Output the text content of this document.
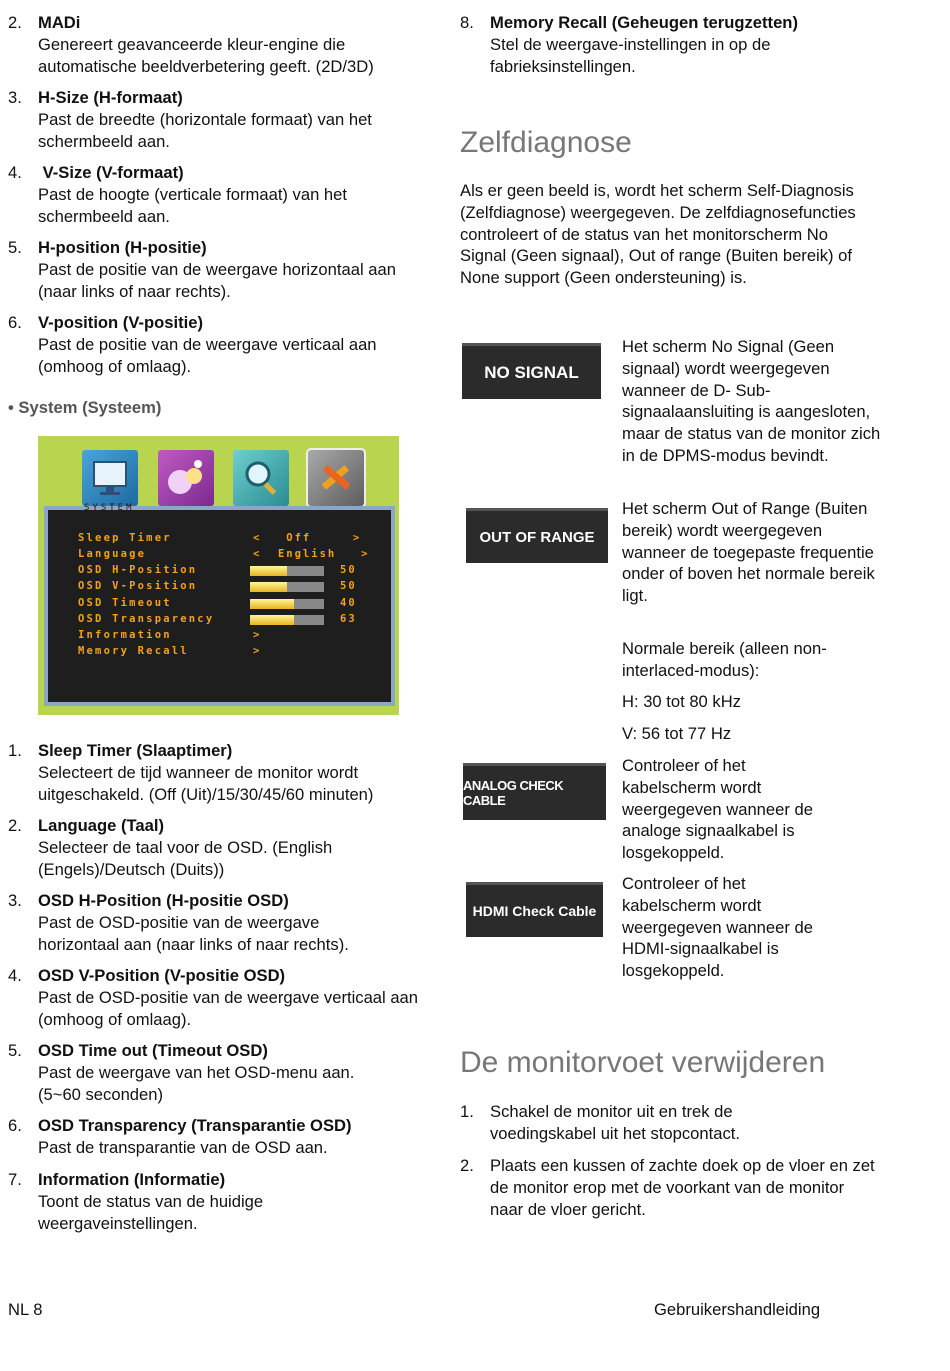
2. MADi
Genereert geavanceerde kleur-engine die automatische beeldverbetering geeft. (2D/3D)
3. H-Size (H-formaat)
Past de breedte (horizontale formaat) van het schermbeeld aan.
4. V-Size (V-formaat)
Past de hoogte (verticale formaat) van het schermbeeld aan.
5. H-position (H-positie)
Past de positie van de weergave horizontaal aan (naar links of naar rechts).
6. V-position (V-positie)
Past de positie van de weergave verticaal aan (omhoog of omlaag).
• System (Systeem)
SYSTEM
Sleep Timer	<   Off     >
Language	<  English   >
OSD H-Position	50
OSD V-Position	50
OSD Timeout	40
OSD Transparency	63
Information	>
Memory Recall	>
1. Sleep Timer (Slaaptimer)
Selecteert de tijd wanneer de monitor wordt uitgeschakeld. (Off (Uit)/15/30/45/60 minuten)
2. Language (Taal)
Selecteer de taal voor de OSD. (English (Engels)/Deutsch (Duits))
3. OSD H-Position (H-positie OSD)
Past de OSD-positie van de weergave horizontaal aan (naar links of naar rechts).
4. OSD V-Position (V-positie OSD)
Past de OSD-positie van de weergave verticaal aan (omhoog of omlaag).
5. OSD Time out (Timeout OSD)
Past de weergave van het OSD-menu aan. (5~60 seconden)
6. OSD Transparency (Transparantie OSD)
Past de transparantie van de OSD aan.
7. Information (Informatie)
Toont de status van de huidige weergaveinstellingen.
8. Memory Recall (Geheugen terugzetten)
Stel de weergave-instellingen in op de fabrieksinstellingen.
Zelfdiagnose

Als er geen beeld is, wordt het scherm Self-Diagnosis (Zelfdiagnose) weergegeven. De zelfdiagnosefuncties controleert of de status van het monitorscherm No Signal (Geen signaal), Out of range (Buiten bereik) of None support (Geen ondersteuning) is.

NO SIGNAL

Het scherm No Signal (Geen signaal) wordt weergegeven wanneer de D- Sub-signaalaansluiting is aangesloten, maar de status van de monitor zich in de DPMS-modus bevindt.

OUT OF RANGE

Het scherm Out of Range (Buiten bereik) wordt weergegeven wanneer de toegepaste frequentie onder of boven het normale bereik ligt.

Normale bereik (alleen non-interlaced-modus):

H: 30 tot 80 kHz

V: 56 tot 77 Hz

ANALOG CHECK CABLE

Controleer of het kabelscherm wordt weergegeven wanneer de analoge signaalkabel is losgekoppeld.

HDMI Check Cable

Controleer of het kabelscherm wordt weergegeven wanneer de HDMI-signaalkabel is losgekoppeld.

De monitorvoet verwijderen
1. Schakel de monitor uit en trek de voedingskabel uit het stopcontact.
2. Plaats een kussen of zachte doek op de vloer en zet de monitor erop met de voorkant van de monitor naar de vloer gericht.
NL 8	Gebruikershandleiding
